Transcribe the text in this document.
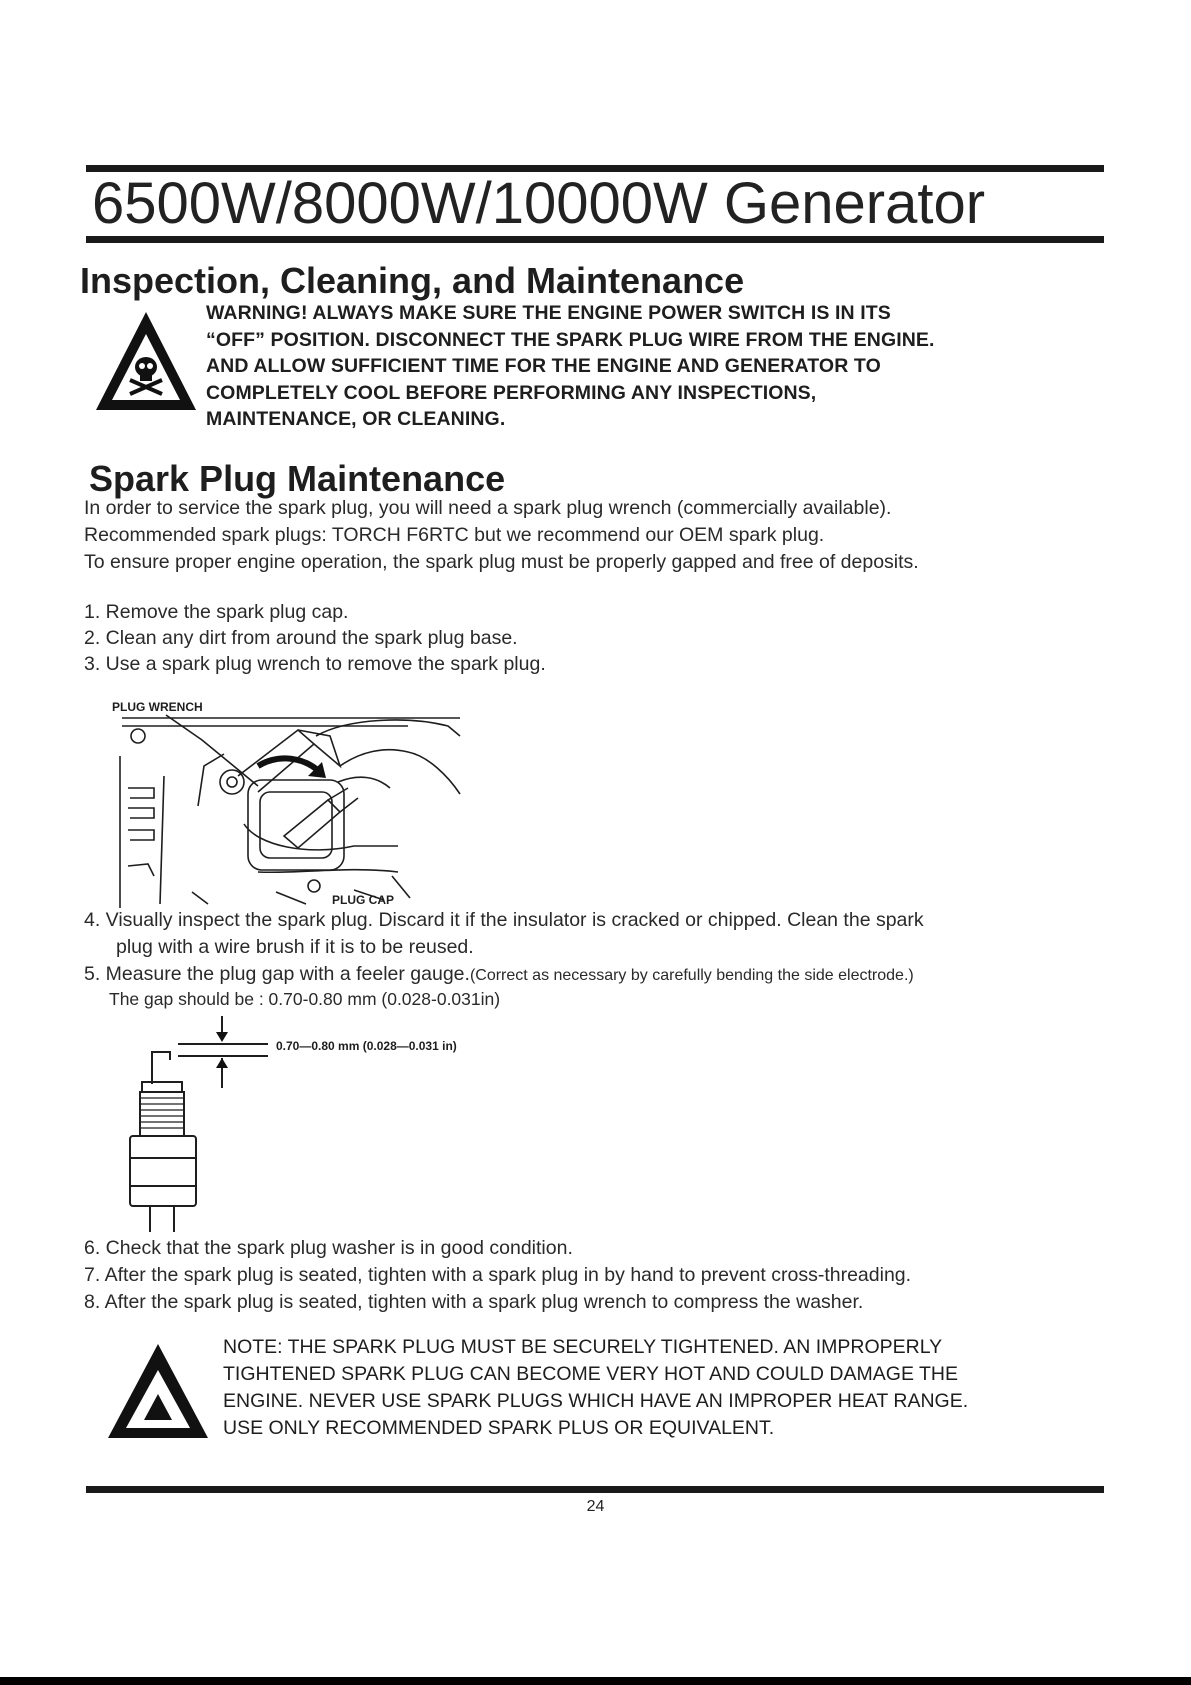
6500W/8000W/10000W Generator
Inspection, Cleaning, and Maintenance
WARNING! ALWAYS MAKE SURE THE ENGINE POWER SWITCH IS IN ITS
“OFF” POSITION. DISCONNECT THE SPARK PLUG WIRE FROM THE ENGINE.
AND ALLOW SUFFICIENT TIME FOR THE ENGINE AND GENERATOR TO
COMPLETELY COOL BEFORE PERFORMING ANY INSPECTIONS,
MAINTENANCE, OR CLEANING.
Spark Plug Maintenance
In order to service the spark plug, you will need a spark plug wrench (commercially available).
Recommended spark plugs: TORCH F6RTC but we recommend our OEM spark plug.
To ensure proper engine operation, the spark plug must be properly gapped and free of deposits.
1. Remove the spark plug cap.
2. Clean any dirt from around the spark plug base.
3. Use a spark plug wrench to remove the spark plug.
PLUG WRENCH
PLUG CAP
4. Visually inspect the spark plug. Discard it if the insulator is cracked or chipped. Clean the spark
plug with a wire brush if it is to be reused.
5. Measure the plug gap with a feeler gauge.(Correct as necessary by carefully bending the side electrode.)
The gap should be : 0.70-0.80 mm (0.028-0.031in)
0.70—0.80 mm (0.028—0.031 in)
6. Check that the spark plug washer is in good condition.
7. After the spark plug is seated, tighten with a spark plug in by hand to prevent cross-threading.
8. After the spark plug is seated, tighten with a spark plug wrench to compress the washer.
NOTE: THE SPARK PLUG MUST BE SECURELY TIGHTENED. AN IMPROPERLY
TIGHTENED SPARK PLUG CAN BECOME VERY HOT AND COULD DAMAGE THE
ENGINE. NEVER USE SPARK PLUGS WHICH HAVE AN IMPROPER HEAT RANGE.
USE ONLY RECOMMENDED SPARK PLUS OR EQUIVALENT.
24
